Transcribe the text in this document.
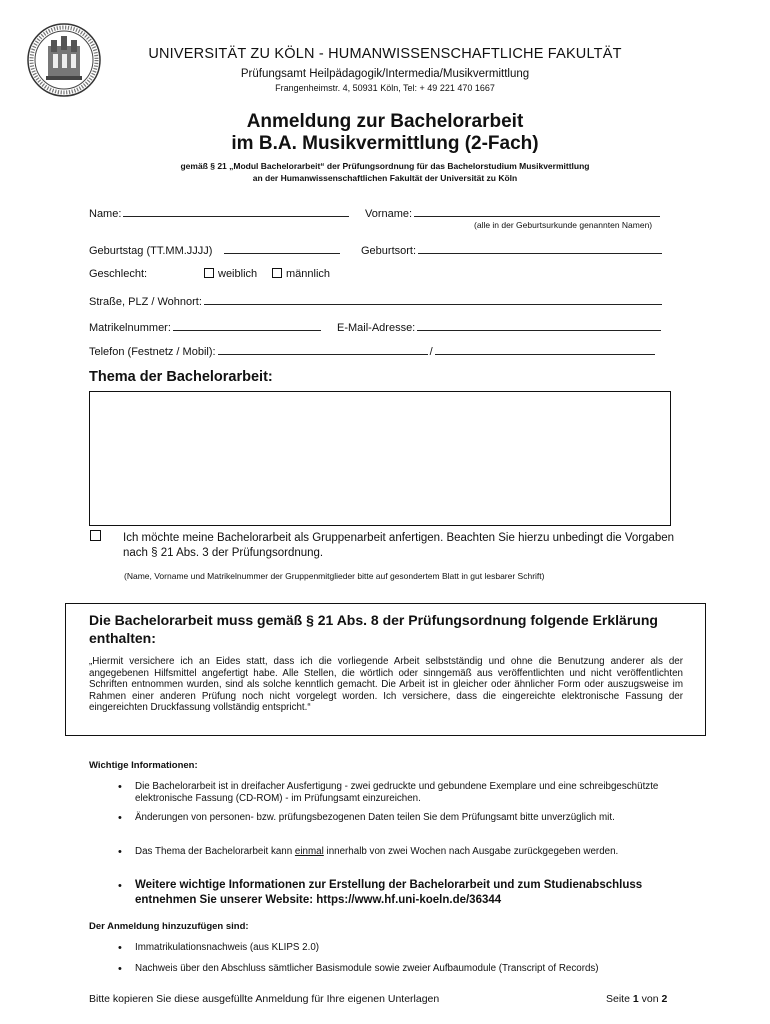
UNIVERSITÄT ZU KÖLN - HUMANWISSENSCHAFTLICHE FAKULTÄT
Prüfungsamt Heilpädagogik/Intermedia/Musikvermittlung
Frangenheimstr. 4, 50931 Köln, Tel: + 49 221 470 1667
Anmeldung zur Bachelorarbeit
im B.A. Musikvermittlung (2-Fach)
gemäß § 21 „Modul Bachelorarbeit“ der Prüfungsordnung für das Bachelorstudium Musikvermittlung
an der Humanwissenschaftlichen Fakultät der Universität zu Köln
Name:	Vorname:
(alle in der Geburtsurkunde genannten Namen)
Geburtstag (TT.MM.JJJJ)	Geburtsort:
Geschlecht:	weiblich	männlich
Straße, PLZ / Wohnort:
Matrikelnummer:	E-Mail-Adresse:
Telefon (Festnetz / Mobil):	/
Thema der Bachelorarbeit:
Ich möchte meine Bachelorarbeit als Gruppenarbeit anfertigen. Beachten Sie hierzu unbedingt die Vorgaben nach § 21 Abs. 3 der Prüfungsordnung.
(Name, Vorname und Matrikelnummer der Gruppenmitglieder bitte auf gesondertem Blatt in gut lesbarer Schrift)
Die Bachelorarbeit muss gemäß § 21 Abs. 8 der Prüfungsordnung folgende Erklärung enthalten:
„Hiermit versichere ich an Eides statt, dass ich die vorliegende Arbeit selbstständig und ohne die Benutzung anderer als der angegebenen Hilfsmittel angefertigt habe. Alle Stellen, die wörtlich oder sinngemäß aus veröffentlichten und nicht veröffentlichten Schriften entnommen wurden, sind als solche kenntlich gemacht. Die Arbeit ist in gleicher oder ähnlicher Form oder auszugsweise im Rahmen einer anderen Prüfung noch nicht vorgelegt worden. Ich versichere, dass die eingereichte elektronische Fassung der eingereichten Druckfassung vollständig entspricht.“
Wichtige Informationen:
• Die Bachelorarbeit ist in dreifacher Ausfertigung - zwei gedruckte und gebundene Exemplare und eine schreibgeschützte elektronische Fassung (CD-ROM) - im Prüfungsamt einzureichen.
• Änderungen von personen- bzw. prüfungsbezogenen Daten teilen Sie dem Prüfungsamt bitte unverzüglich mit.
• Das Thema der Bachelorarbeit kann einmal innerhalb von zwei Wochen nach Ausgabe zurückgegeben werden.
• Weitere wichtige Informationen zur Erstellung der Bachelorarbeit und zum Studienabschluss entnehmen Sie unserer Website: https://www.hf.uni-koeln.de/36344
Der Anmeldung hinzuzufügen sind:
• Immatrikulationsnachweis (aus KLIPS 2.0)
• Nachweis über den Abschluss sämtlicher Basismodule sowie zweier Aufbaumodule (Transcript of Records)
Bitte kopieren Sie diese ausgefüllte Anmeldung für Ihre eigenen Unterlagen	Seite 1 von 2
